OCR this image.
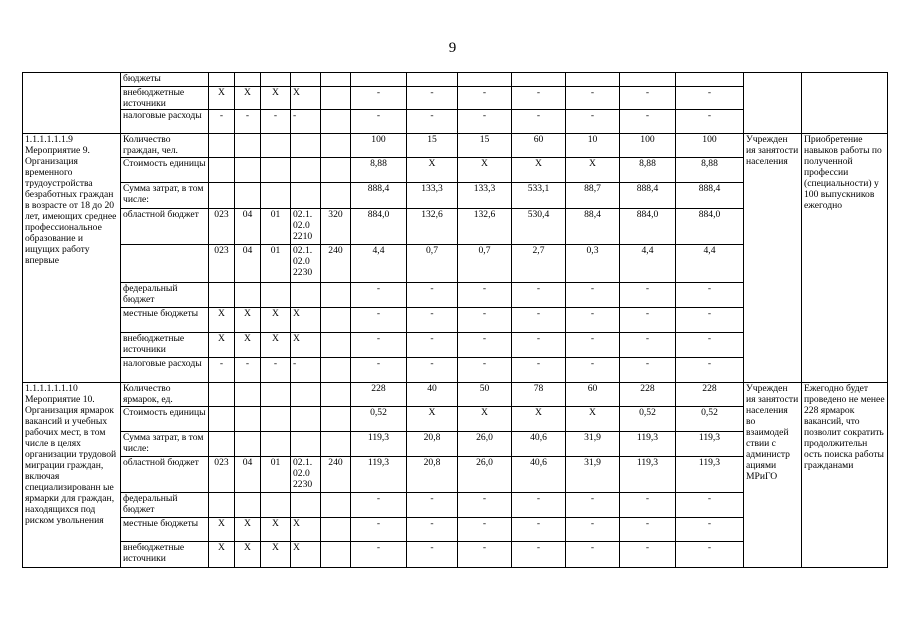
9
	бюджеты														
	внебюджетные источники	Х	Х	Х	Х		-	-	-	-	-	-	-		
	налоговые расходы	-	-	-	-		-	-	-	-	-	-	-		
1.1.1.1.1.1.9 Мероприятие 9. Организация временного трудоустройства безработных граждан в возрасте от 18 до 20 лет, имеющих среднее профессиональное образование и ищущих работу впервые	Количество граждан, чел.						100	15	15	60	10	100	100	Учрежден ия занятости населения	Приобретение навыков работы по полученной профессии (специальности) у 100 выпускников ежегодно
	Стоимость единицы						8,88	Х	Х	Х	Х	8,88	8,88		
	Сумма затрат, в том числе:						888,4	133,3	133,3	533,1	88,7	888,4	888,4		
	областной бюджет	023	04	01	02.1. 02.0 2210	320	884,0	132,6	132,6	530,4	88,4	884,0	884,0		
		023	04	01	02.1. 02.0 2230	240	4,4	0,7	0,7	2,7	0,3	4,4	4,4		
	федеральный бюджет						-	-	-	-	-	-	-		
	местные бюджеты	Х	Х	Х	Х		-	-	-	-	-	-	-		
	внебюджетные источники	Х	Х	Х	Х		-	-	-	-	-	-	-		
	налоговые расходы	-	-	-	-		-	-	-	-	-	-	-		
1.1.1.1.1.1.10 Мероприятие 10. Организация ярмарок вакансий и учебных рабочих мест, в том числе в целях организации трудовой миграции граждан, включая специализированн ые ярмарки для граждан, находящихся под риском увольнения	Количество ярмарок, ед.						228	40	50	78	60	228	228	Учрежден ия занятости населения во взаимодей ствии с администр ациями МРиГО	Ежегодно будет проведено не менее 228 ярмарок вакансий, что позволит сократить продолжительн ость поиска работы гражданами
	Стоимость единицы						0,52	Х	Х	Х	Х	0,52	0,52		
	Сумма затрат, в том числе:						119,3	20,8	26,0	40,6	31,9	119,3	119,3		
	областной бюджет	023	04	01	02.1. 02.0 2230	240	119,3	20,8	26,0	40,6	31,9	119,3	119,3		
	федеральный бюджет						-	-	-	-	-	-	-		
	местные бюджеты	Х	Х	Х	Х		-	-	-	-	-	-	-		
	внебюджетные источники	Х	Х	Х	Х		-	-	-	-	-	-	-		
